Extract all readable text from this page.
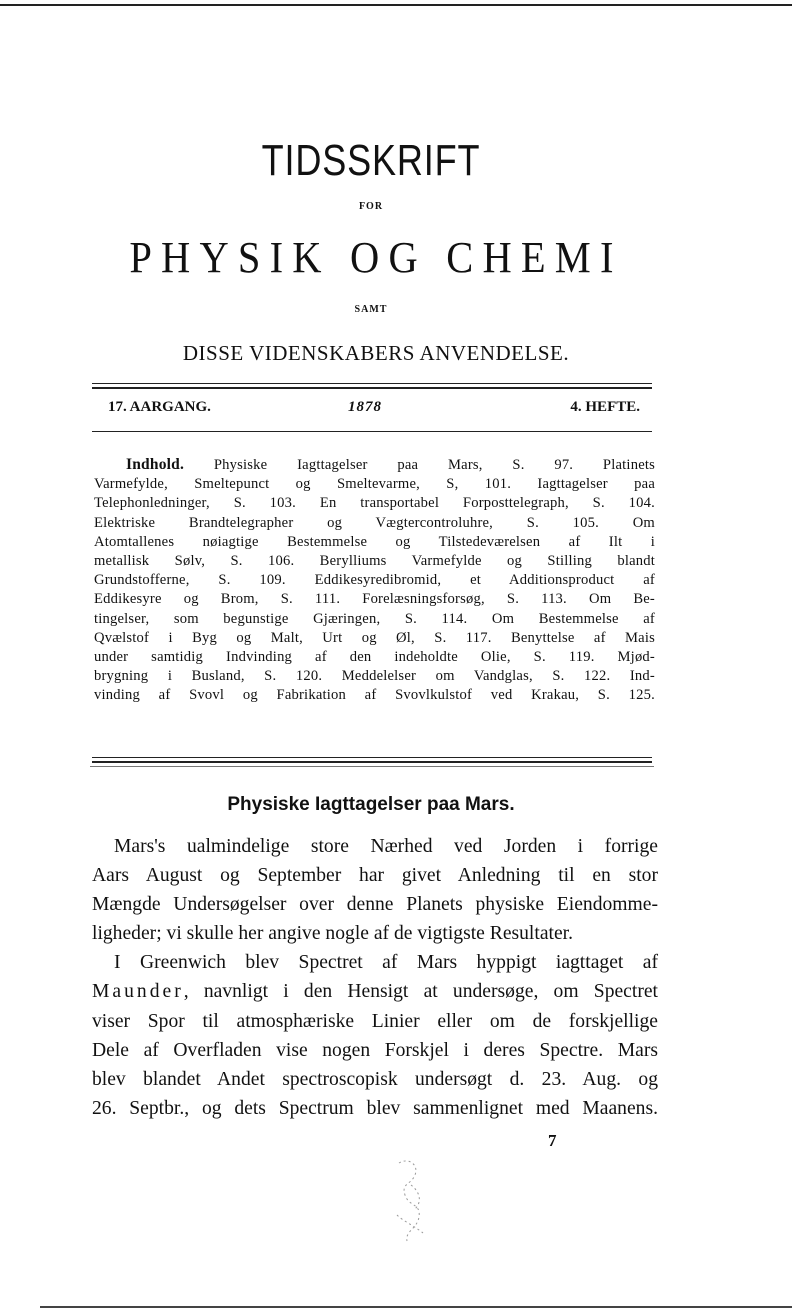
TIDSSKRIFT
FOR
PHYSIK OG CHEMI
SAMT
DISSE VIDENSKABERS ANVENDELSE.
17. AARGANG.	1878	4. HEFTE.
Indhold. Physiske Iagttagelser paa Mars, S. 97. Platinets
Varmefylde, Smeltepunct og Smeltevarme, S, 101. Iagttagelser paa
Telephonledninger, S. 103. En transportabel Forposttelegraph, S. 104.
Elektriske Brandtelegrapher og Vægtercontroluhre, S. 105. Om
Atomtallenes nøiagtige Bestemmelse og Tilstedeværelsen af Ilt i
metallisk Sølv, S. 106. Berylliums Varmefylde og Stilling blandt
Grundstofferne, S. 109. Eddikesyredibromid, et Additionsproduct af
Eddikesyre og Brom, S. 111. Forelæsningsforsøg, S. 113. Om Be-
tingelser, som begunstige Gjæringen, S. 114. Om Bestemmelse af
Qvælstof i Byg og Malt, Urt og Øl, S. 117. Benyttelse af Mais
under samtidig Indvinding af den indeholdte Olie, S. 119. Mjød-
brygning i Busland, S. 120. Meddelelser om Vandglas, S. 122. Ind-
vinding af Svovl og Fabrikation af Svovlkulstof ved Krakau, S. 125.
Physiske Iagttagelser paa Mars.
Mars's ualmindelige store Nærhed ved Jorden i forrige
Aars August og September har givet Anledning til en stor
Mængde Undersøgelser over denne Planets physiske Eiendomme-
ligheder; vi skulle her angive nogle af de vigtigste Resultater.
I Greenwich blev Spectret af Mars hyppigt iagttaget af
Maunder, navnligt i den Hensigt at undersøge, om Spectret
viser Spor til atmosphæriske Linier eller om de forskjellige
Dele af Overfladen vise nogen Forskjel i deres Spectre. Mars
blev blandet Andet spectroscopisk undersøgt d. 23. Aug. og
26. Septbr., og dets Spectrum blev sammenlignet med Maanens.
7
